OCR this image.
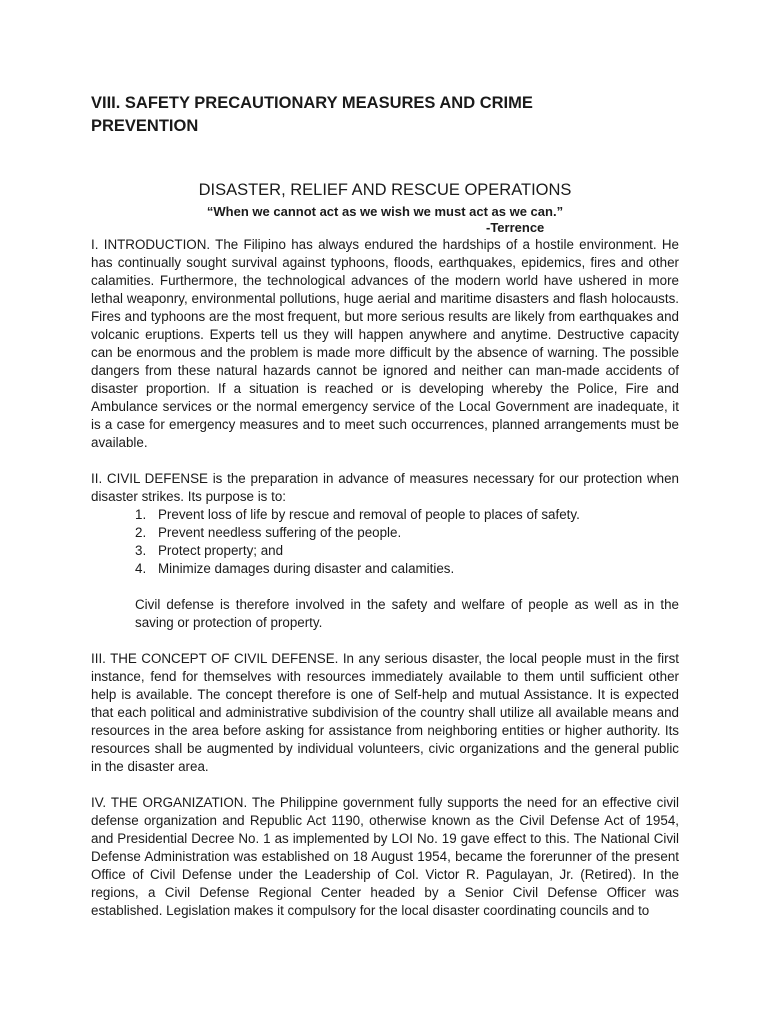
VIII. SAFETY PRECAUTIONARY MEASURES AND CRIME PREVENTION
DISASTER, RELIEF AND RESCUE OPERATIONS

“When we cannot act as we wish we must act as we can.”

-Terrence

I. INTRODUCTION. The Filipino has always endured the hardships of a hostile environment. He has continually sought survival against typhoons, floods, earthquakes, epidemics, fires and other calamities. Furthermore, the technological advances of the modern world have ushered in more lethal weaponry, environmental pollutions, huge aerial and maritime disasters and flash holocausts. Fires and typhoons are the most frequent, but more serious results are likely from earthquakes and volcanic eruptions. Experts tell us they will happen anywhere and anytime. Destructive capacity can be enormous and the problem is made more difficult by the absence of warning. The possible dangers from these natural hazards cannot be ignored and neither can man-made accidents of disaster proportion. If a situation is reached or is developing whereby the Police, Fire and Ambulance services or the normal emergency service of the Local Government are inadequate, it is a case for emergency measures and to meet such occurrences, planned arrangements must be available.

II. CIVIL DEFENSE is the preparation in advance of measures necessary for our protection when disaster strikes. Its purpose is to:

1. Prevent loss of life by rescue and removal of people to places of safety.
2. Prevent needless suffering of the people.
3. Protect property; and
4. Minimize damages during disaster and calamities.

Civil defense is therefore involved in the safety and welfare of people as well as in the saving or protection of property.

III. THE CONCEPT OF CIVIL DEFENSE. In any serious disaster, the local people must in the first instance, fend for themselves with resources immediately available to them until sufficient other help is available. The concept therefore is one of Self-help and mutual Assistance. It is expected that each political and administrative subdivision of the country shall utilize all available means and resources in the area before asking for assistance from neighboring entities or higher authority. Its resources shall be augmented by individual volunteers, civic organizations and the general public in the disaster area.

IV. THE ORGANIZATION. The Philippine government fully supports the need for an effective civil defense organization and Republic Act 1190, otherwise known as the Civil Defense Act of 1954, and Presidential Decree No. 1 as implemented by LOI No. 19 gave effect to this. The National Civil Defense Administration was established on 18 August 1954, became the forerunner of the present Office of Civil Defense under the Leadership of Col. Victor R. Pagulayan, Jr. (Retired). In the regions, a Civil Defense Regional Center headed by a Senior Civil Defense Officer was established. Legislation makes it compulsory for the local disaster coordinating councils and to
